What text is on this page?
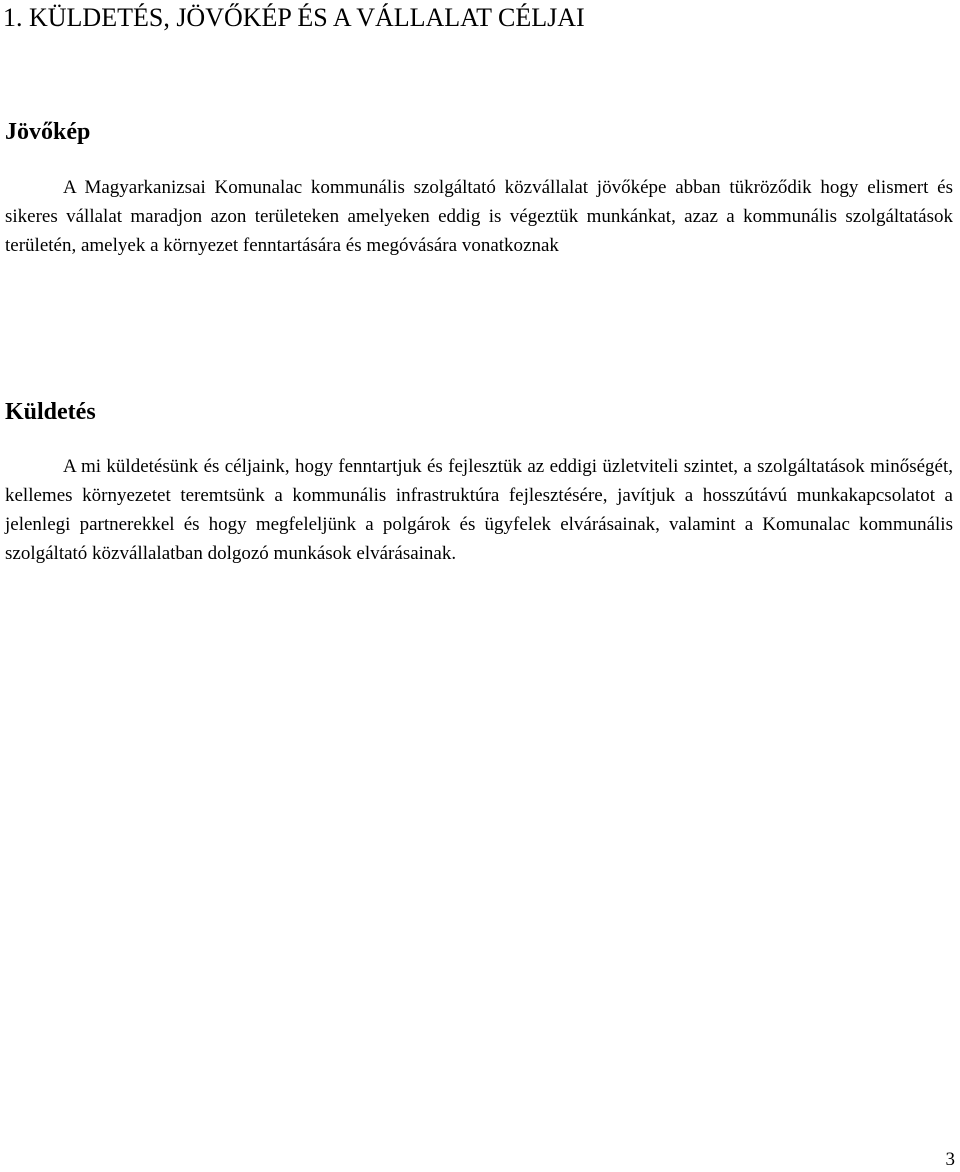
1. KÜLDETÉS, JÖVŐKÉP ÉS A VÁLLALAT CÉLJAI
Jövőkép

A Magyarkanizsai Komunalac kommunális szolgáltató közvállalat jövőképe abban tükröződik hogy elismert és sikeres vállalat maradjon azon területeken amelyeken eddig is végeztük munkánkat, azaz a kommunális szolgáltatások területén, amelyek a környezet fenntartására és megóvására vonatkoznak

Küldetés

A mi küldetésünk és céljaink, hogy fenntartjuk és fejlesztük az eddigi üzletviteli szintet, a szolgáltatások minőségét, kellemes környezetet teremtsünk a kommunális infrastruktúra fejlesztésére, javítjuk a hosszútávú munkakapcsolatot a jelenlegi partnerekkel és hogy megfeleljünk a polgárok és ügyfelek elvárásainak, valamint a Komunalac kommunális szolgáltató közvállalatban dolgozó munkások elvárásainak.

3
